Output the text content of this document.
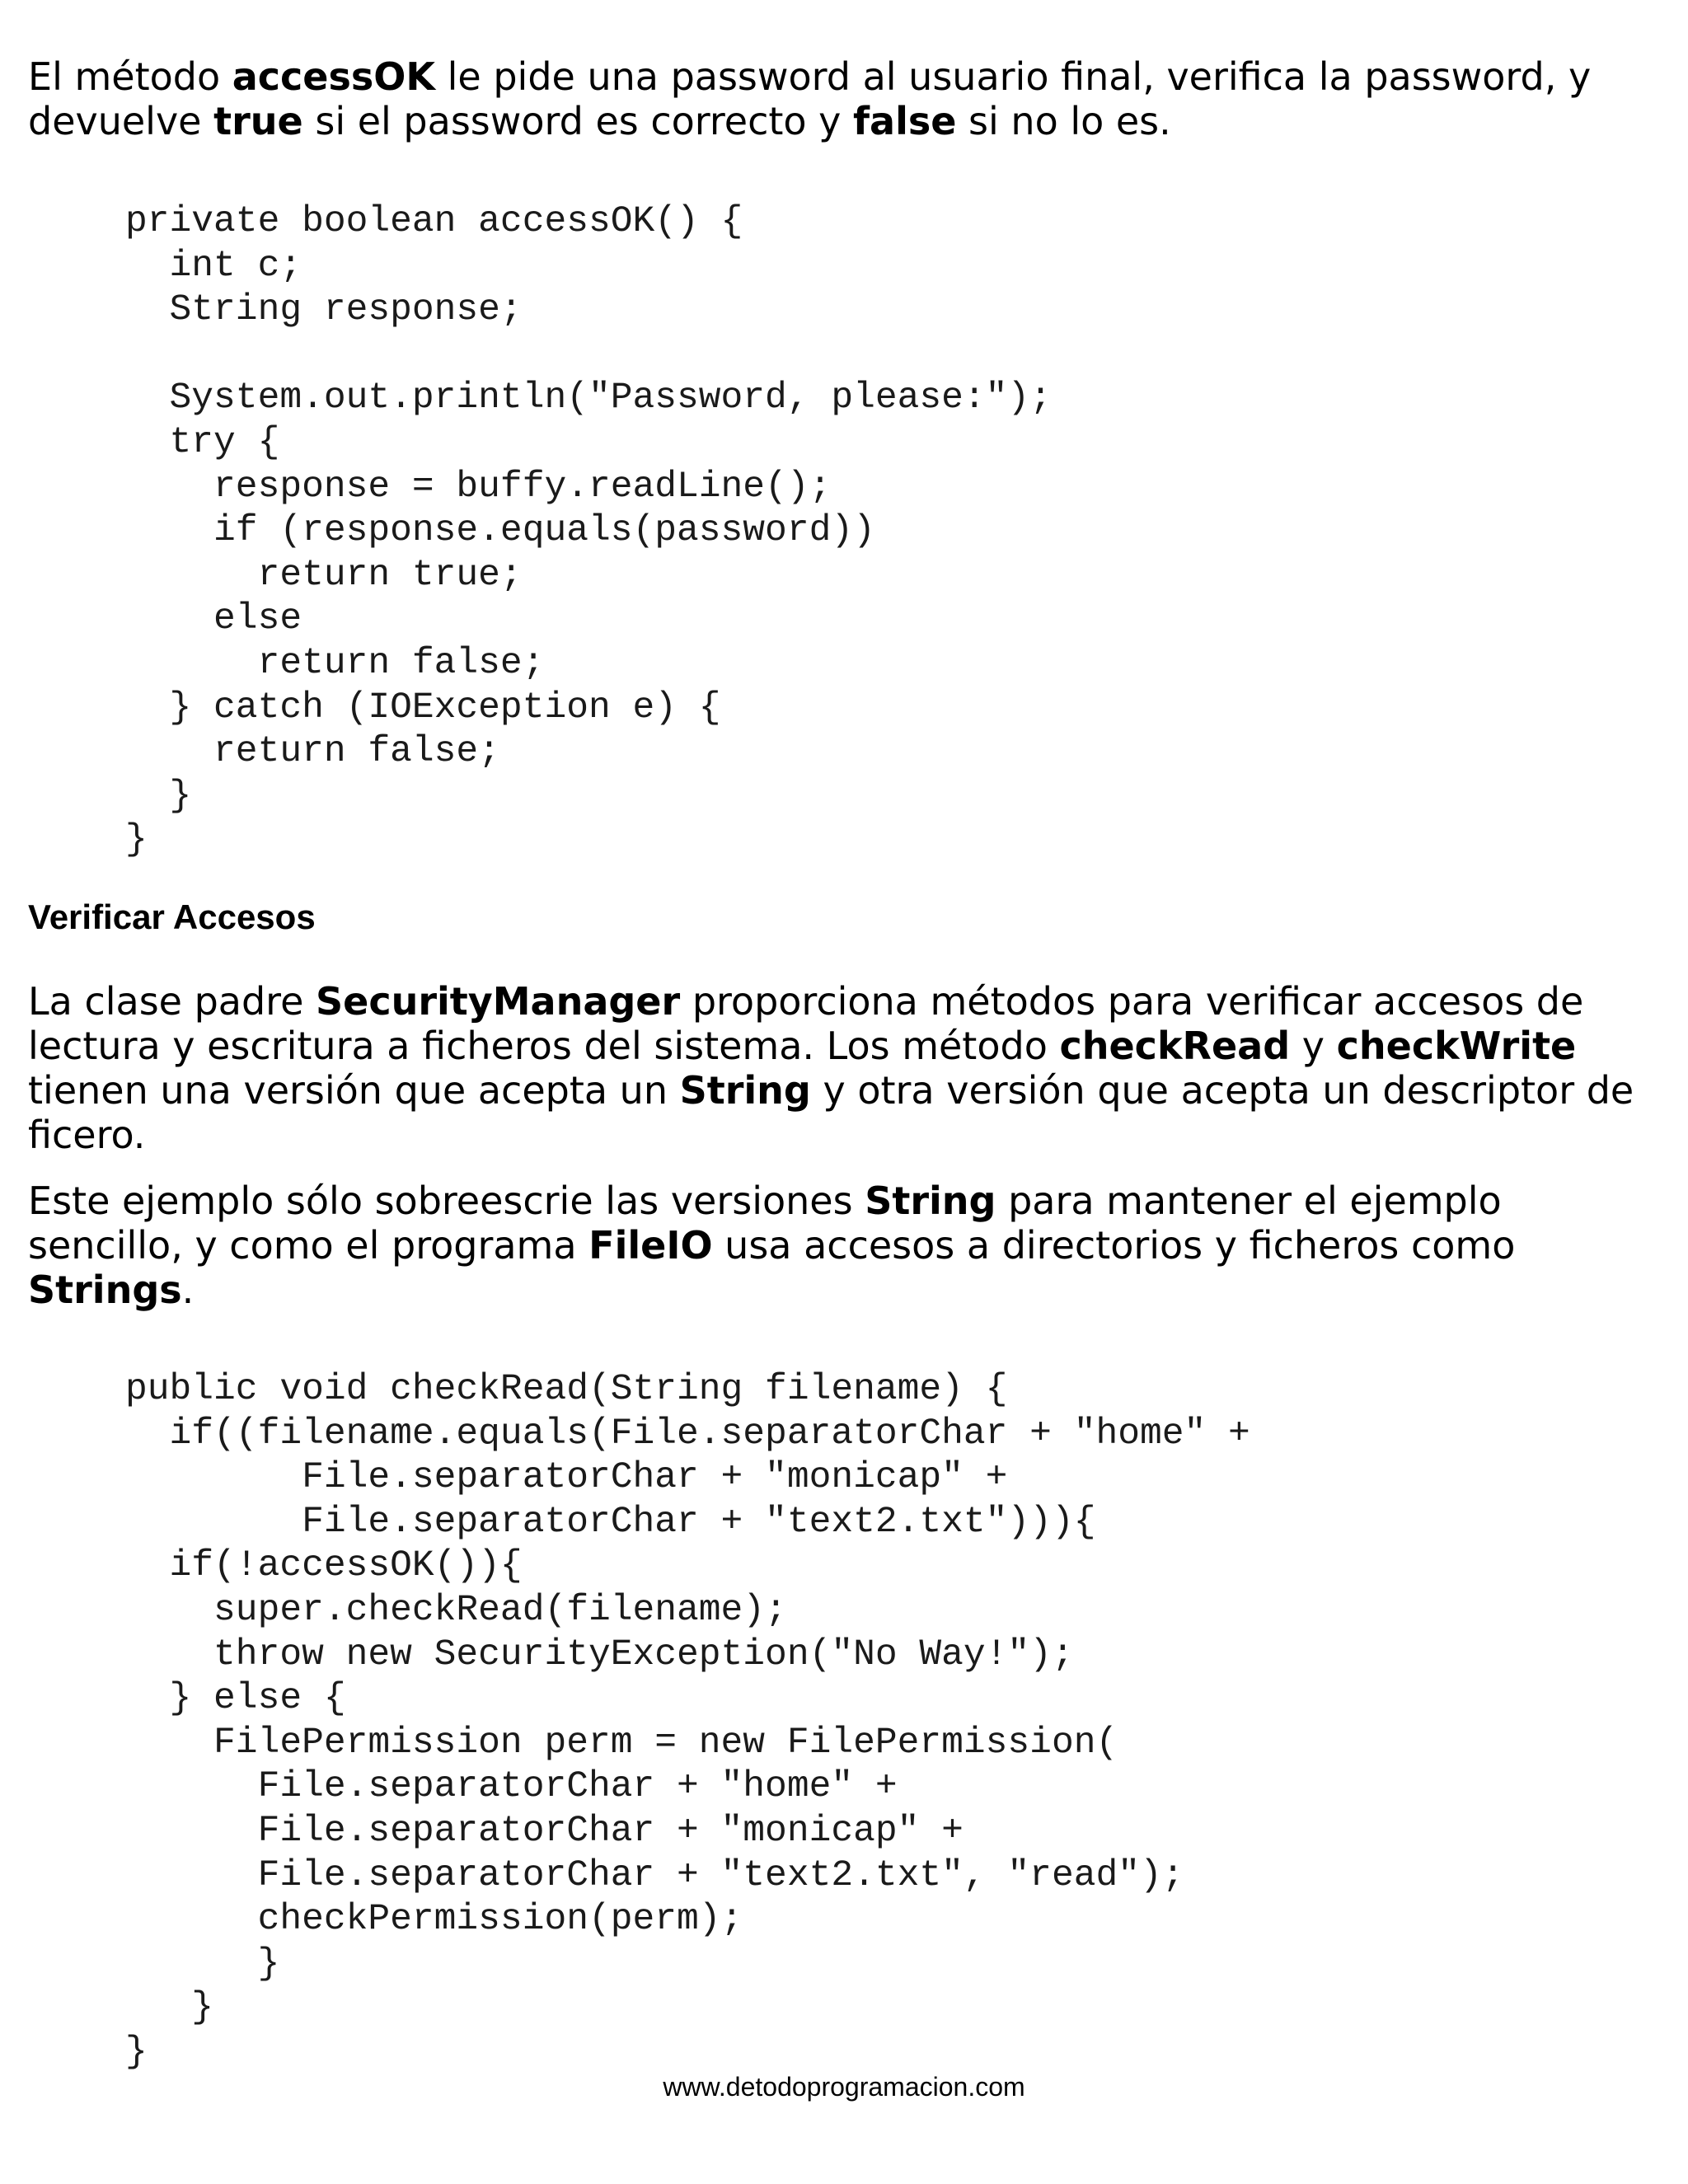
El método accessOK le pide una password al usuario final, verifica la password, y devuelve true si el password es correcto y false si no lo es.

private boolean accessOK() {
int c;
String response;
System.out.println("Password, please:");
try {
response = buffy.readLine();
if (response.equals(password))
return true;
else
return false;
} catch (IOException e) {
return false;
}
}
Verificar Accesos

La clase padre SecurityManager proporciona métodos para verificar accesos de lectura y escritura a ficheros del sistema. Los método checkRead y checkWrite tienen una versión que acepta un String y otra versión que acepta un descriptor de ficero.

Este ejemplo sólo sobreescrie las versiones String para mantener el ejemplo sencillo, y como el programa FileIO usa accesos a directorios y ficheros como Strings.

public void checkRead(String filename) {
if((filename.equals(File.separatorChar + "home" +
File.separatorChar + "monicap" +
File.separatorChar + "text2.txt"))){
if(!accessOK()){
super.checkRead(filename);
throw new SecurityException("No Way!");
} else {
FilePermission perm = new FilePermission(
File.separatorChar + "home" +
File.separatorChar + "monicap" +
File.separatorChar + "text2.txt", "read");
checkPermission(perm);
}
}
}
www.detodoprogramacion.com
